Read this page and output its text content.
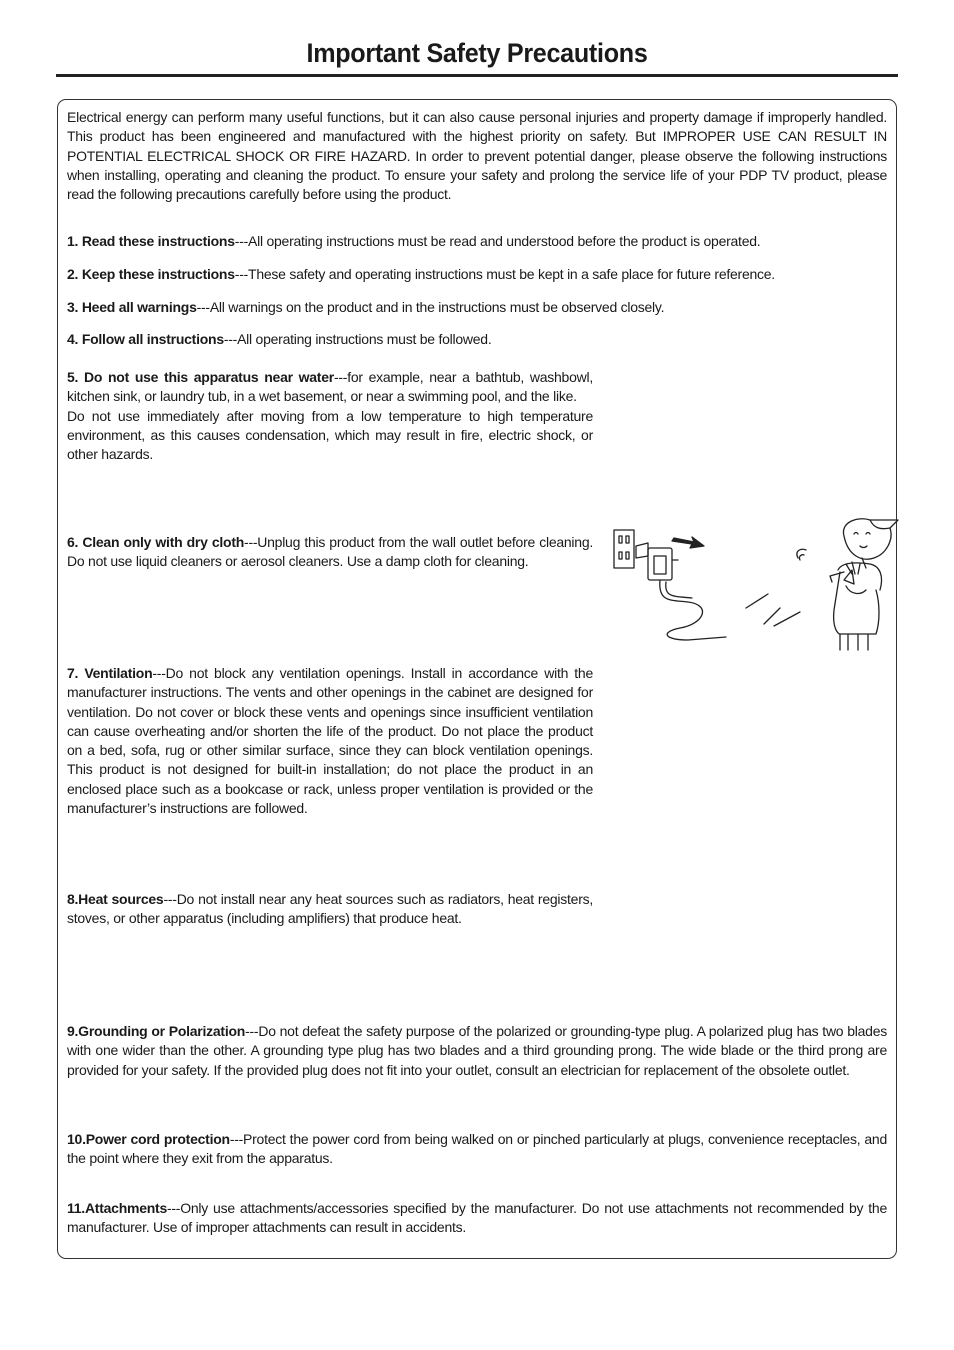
Important Safety Precautions

Electrical energy can perform many useful functions, but it can also cause personal injuries and property damage if improperly handled. This product has been engineered and manufactured with the highest priority on safety. But IMPROPER USE CAN RESULT IN POTENTIAL ELECTRICAL SHOCK OR FIRE HAZARD. In order to prevent potential danger, please observe the following instructions when installing, operating and cleaning the product. To ensure your safety and prolong the service life of your PDP TV product, please read the following precautions carefully before using the product.

1. Read these instructions---All operating instructions must be read and understood before the product is operated.

2. Keep these instructions---These safety and operating instructions must be kept in a safe place for future reference.

3. Heed all warnings---All warnings on the product and in the instructions must be observed closely.

4. Follow all instructions---All operating instructions must be followed.

5. Do not use this apparatus near water---for example, near a bathtub, washbowl, kitchen sink, or laundry tub, in a wet basement, or near a swimming pool, and the like.
Do not use immediately after moving from a low temperature to high temperature environment, as this causes condensation, which may result in fire, electric shock, or other hazards.

6. Clean only with dry cloth---Unplug this product from the wall outlet before cleaning. Do not use liquid cleaners or aerosol cleaners. Use a damp cloth for cleaning.

7. Ventilation---Do not block any ventilation openings. Install in accordance with the manufacturer instructions. The vents and other openings in the cabinet are designed for ventilation. Do not cover or block these vents and openings since insufficient ventilation can cause overheating and/or shorten the life of the product. Do not place the product on a bed, sofa, rug or other similar surface, since they can block ventilation openings. This product is not designed for built-in installation; do not place the product in an enclosed place such as a bookcase or rack, unless proper ventilation is provided or the manufacturer’s instructions are followed.

8.Heat sources---Do not install near any heat sources such as radiators, heat registers, stoves, or other apparatus (including amplifiers) that produce heat.

9.Grounding or Polarization---Do not defeat the safety purpose of the polarized or grounding-type plug. A polarized plug has two blades with one wider than the other. A grounding type plug has two blades and a third grounding prong. The wide blade or the third prong are provided for your safety. If the provided plug does not fit into your outlet, consult an electrician for replacement of the obsolete outlet.

10.Power cord protection---Protect the power cord from being walked on or pinched particularly at plugs, convenience receptacles, and the point where they exit from the apparatus.

11.Attachments---Only use attachments/accessories specified by the manufacturer. Do not use attachments not recommended by the manufacturer. Use of improper attachments can result in accidents.
